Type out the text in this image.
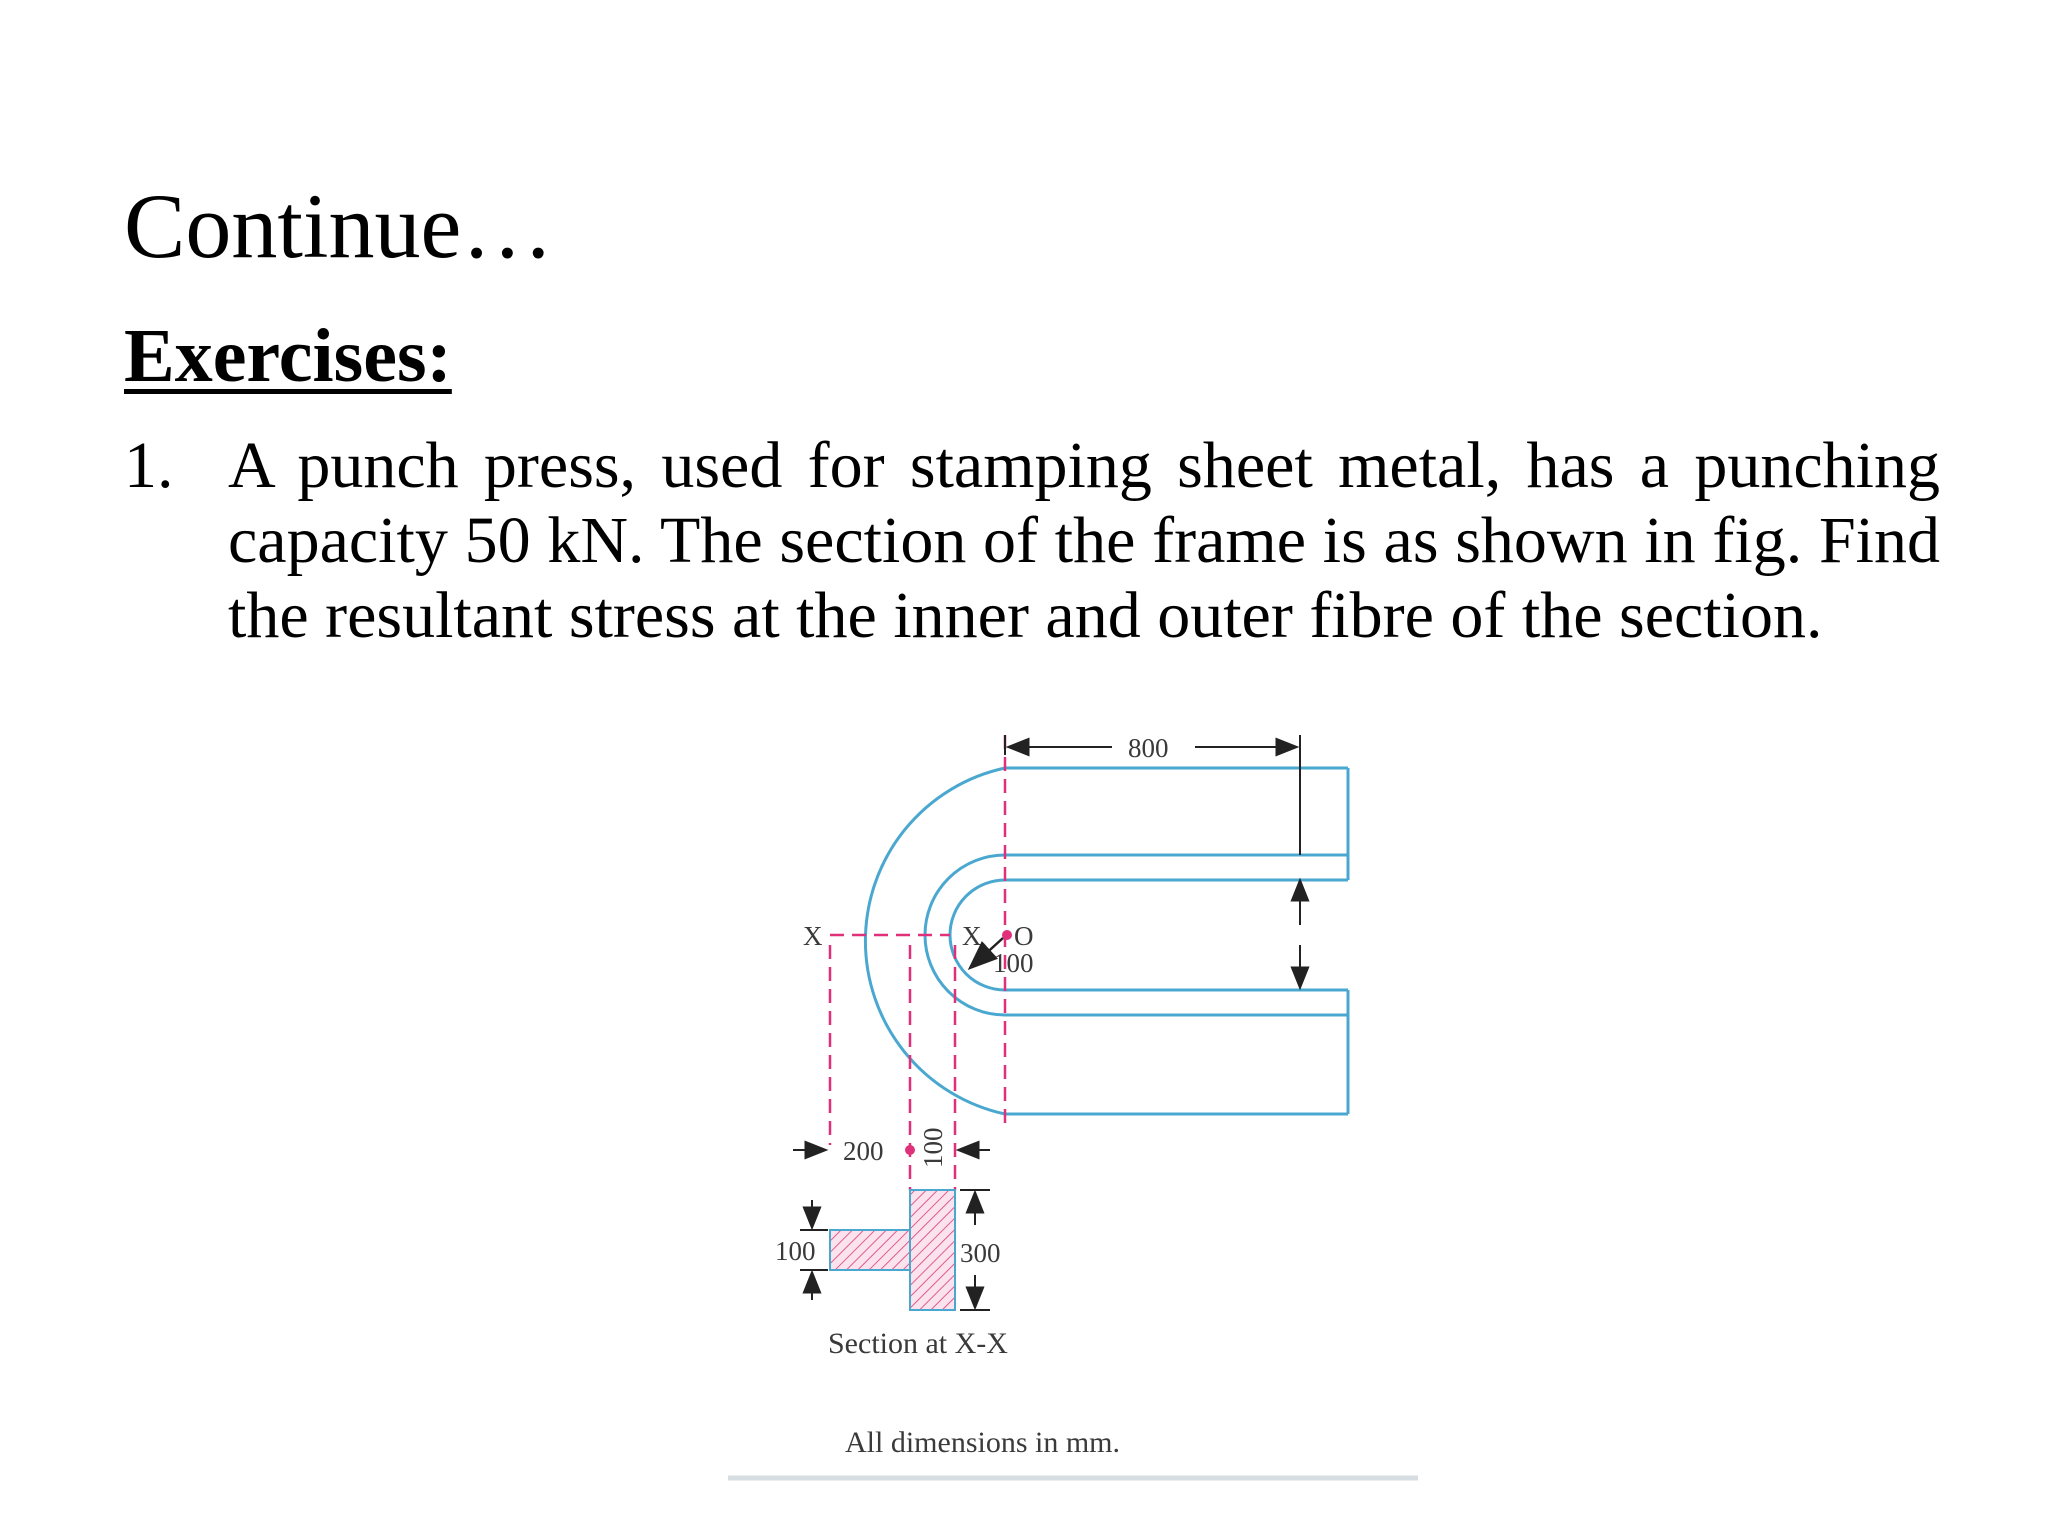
Continue…
Exercises:
1. A punch press, used for stamping sheet metal, has a punching capacity 50 kN. The section of the frame is as shown in fig. Find the resultant stress at the inner and outer fibre of the section.

800
X	X O
100
200 100
100	300
Section at X-X
All dimensions in mm.
